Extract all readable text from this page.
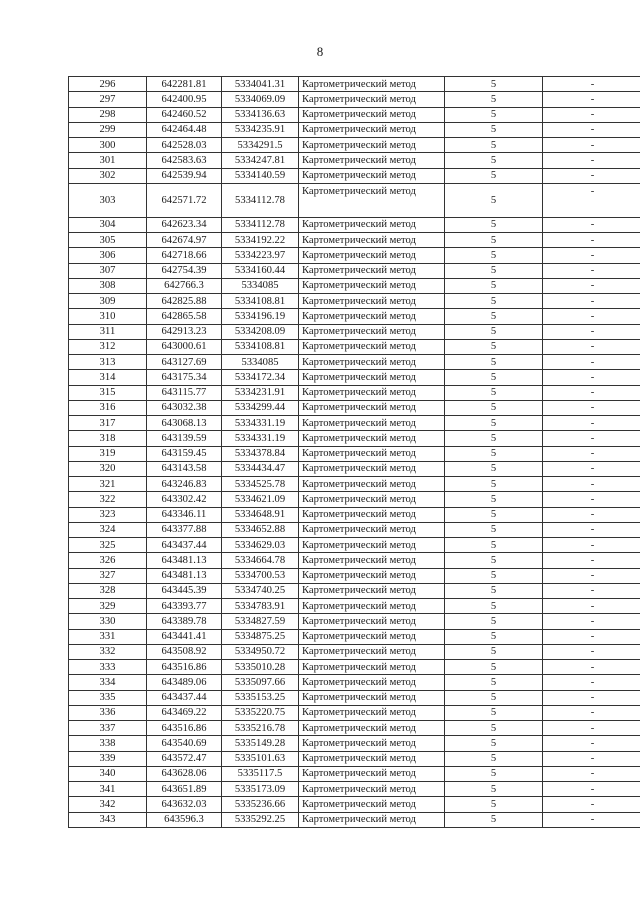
8
296	642281.81	5334041.31	Картометрический метод	5	-
297	642400.95	5334069.09	Картометрический метод	5	-
298	642460.52	5334136.63	Картометрический метод	5	-
299	642464.48	5334235.91	Картометрический метод	5	-
300	642528.03	5334291.5	Картометрический метод	5	-
301	642583.63	5334247.81	Картометрический метод	5	-
302	642539.94	5334140.59	Картометрический метод	5	-
303	642571.72	5334112.78	Картометрический метод	5	-
304	642623.34	5334112.78	Картометрический метод	5	-
305	642674.97	5334192.22	Картометрический метод	5	-
306	642718.66	5334223.97	Картометрический метод	5	-
307	642754.39	5334160.44	Картометрический метод	5	-
308	642766.3	5334085	Картометрический метод	5	-
309	642825.88	5334108.81	Картометрический метод	5	-
310	642865.58	5334196.19	Картометрический метод	5	-
311	642913.23	5334208.09	Картометрический метод	5	-
312	643000.61	5334108.81	Картометрический метод	5	-
313	643127.69	5334085	Картометрический метод	5	-
314	643175.34	5334172.34	Картометрический метод	5	-
315	643115.77	5334231.91	Картометрический метод	5	-
316	643032.38	5334299.44	Картометрический метод	5	-
317	643068.13	5334331.19	Картометрический метод	5	-
318	643139.59	5334331.19	Картометрический метод	5	-
319	643159.45	5334378.84	Картометрический метод	5	-
320	643143.58	5334434.47	Картометрический метод	5	-
321	643246.83	5334525.78	Картометрический метод	5	-
322	643302.42	5334621.09	Картометрический метод	5	-
323	643346.11	5334648.91	Картометрический метод	5	-
324	643377.88	5334652.88	Картометрический метод	5	-
325	643437.44	5334629.03	Картометрический метод	5	-
326	643481.13	5334664.78	Картометрический метод	5	-
327	643481.13	5334700.53	Картометрический метод	5	-
328	643445.39	5334740.25	Картометрический метод	5	-
329	643393.77	5334783.91	Картометрический метод	5	-
330	643389.78	5334827.59	Картометрический метод	5	-
331	643441.41	5334875.25	Картометрический метод	5	-
332	643508.92	5334950.72	Картометрический метод	5	-
333	643516.86	5335010.28	Картометрический метод	5	-
334	643489.06	5335097.66	Картометрический метод	5	-
335	643437.44	5335153.25	Картометрический метод	5	-
336	643469.22	5335220.75	Картометрический метод	5	-
337	643516.86	5335216.78	Картометрический метод	5	-
338	643540.69	5335149.28	Картометрический метод	5	-
339	643572.47	5335101.63	Картометрический метод	5	-
340	643628.06	5335117.5	Картометрический метод	5	-
341	643651.89	5335173.09	Картометрический метод	5	-
342	643632.03	5335236.66	Картометрический метод	5	-
343	643596.3	5335292.25	Картометрический метод	5	-
